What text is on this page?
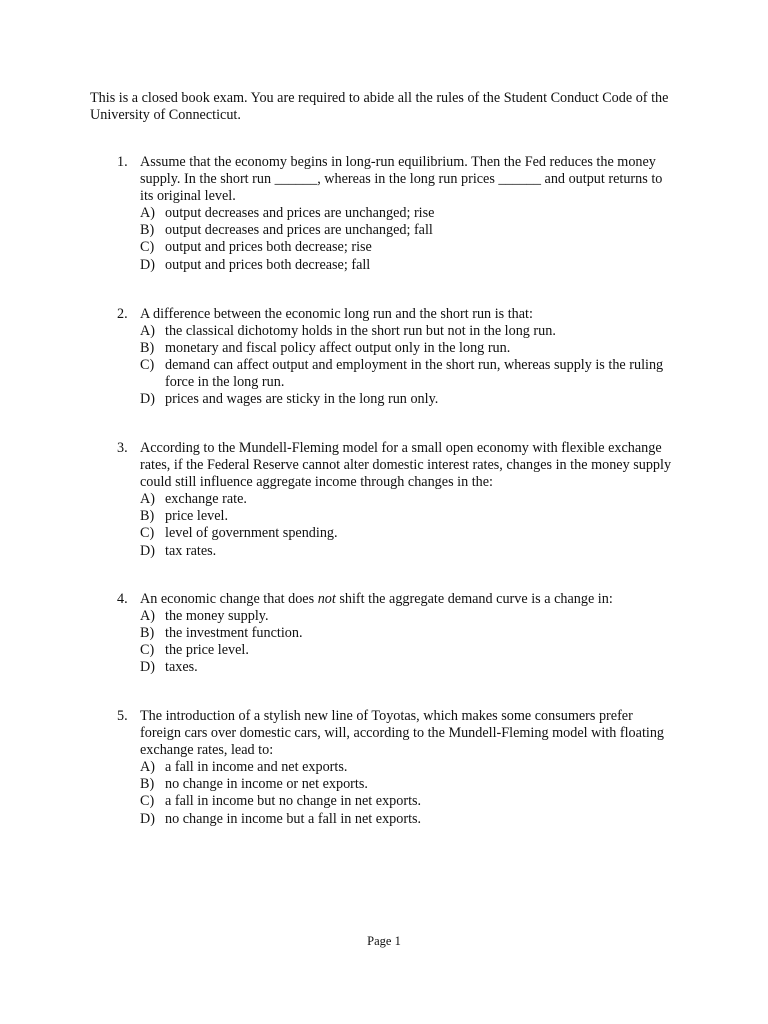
This is a closed book exam. You are required to abide all the rules of the Student Conduct Code of the University of Connecticut.

1. Assume that the economy begins in long-run equilibrium. Then the Fed reduces the money supply. In the short run ______, whereas in the long run prices ______ and output returns to its original level.
A) output decreases and prices are unchanged; rise
B) output decreases and prices are unchanged; fall
C) output and prices both decrease; rise
D) output and prices both decrease; fall
2. A difference between the economic long run and the short run is that:
A) the classical dichotomy holds in the short run but not in the long run.
B) monetary and fiscal policy affect output only in the long run.
C) demand can affect output and employment in the short run, whereas supply is the ruling force in the long run.
D) prices and wages are sticky in the long run only.
3. According to the Mundell-Fleming model for a small open economy with flexible exchange rates, if the Federal Reserve cannot alter domestic interest rates, changes in the money supply could still influence aggregate income through changes in the:
A) exchange rate.
B) price level.
C) level of government spending.
D) tax rates.
4. An economic change that does not shift the aggregate demand curve is a change in:
A) the money supply.
B) the investment function.
C) the price level.
D) taxes.
5. The introduction of a stylish new line of Toyotas, which makes some consumers prefer foreign cars over domestic cars, will, according to the Mundell-Fleming model with floating exchange rates, lead to:
A) a fall in income and net exports.
B) no change in income or net exports.
C) a fall in income but no change in net exports.
D) no change in income but a fall in net exports.
Page 1
